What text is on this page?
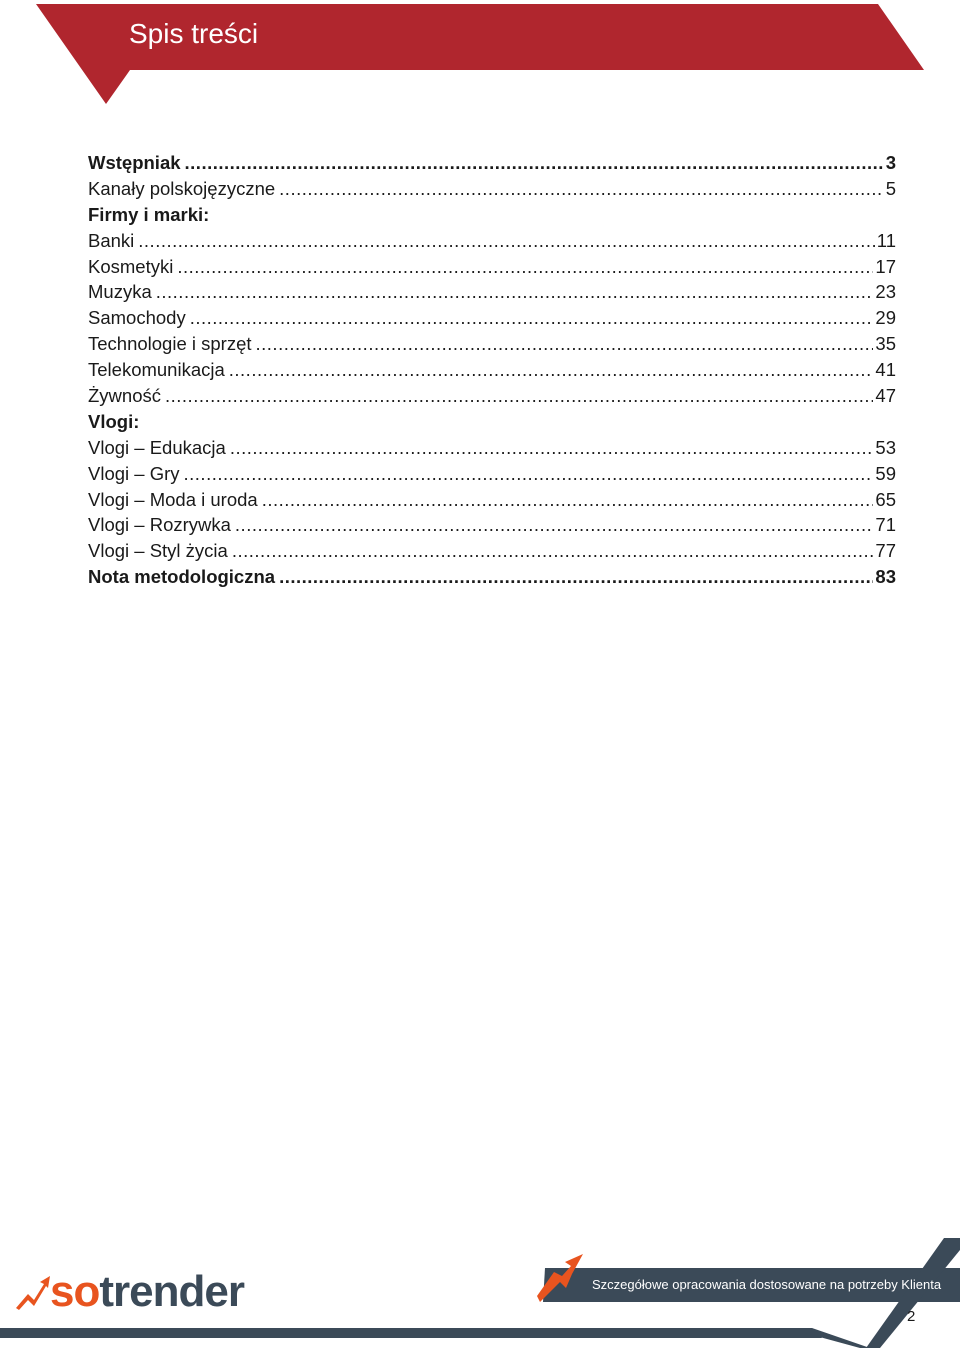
Spis treści
Wstępniak .....	3
Kanały polskojęzyczne .....	5
Firmy i marki:
Banki .....	11
Kosmetyki .....	17
Muzyka .....	23
Samochody .....	29
Technologie i sprzęt .....	35
Telekomunikacja .....	41
Żywność .....	47
Vlogi:
Vlogi – Edukacja .....	53
Vlogi – Gry .....	59
Vlogi – Moda i uroda .....	65
Vlogi – Rozrywka .....	71
Vlogi – Styl życia .....	77
Nota metodologiczna .....	83
sotrender	Szczegółowe opracowania dostosowane na potrzeby Klienta
2
